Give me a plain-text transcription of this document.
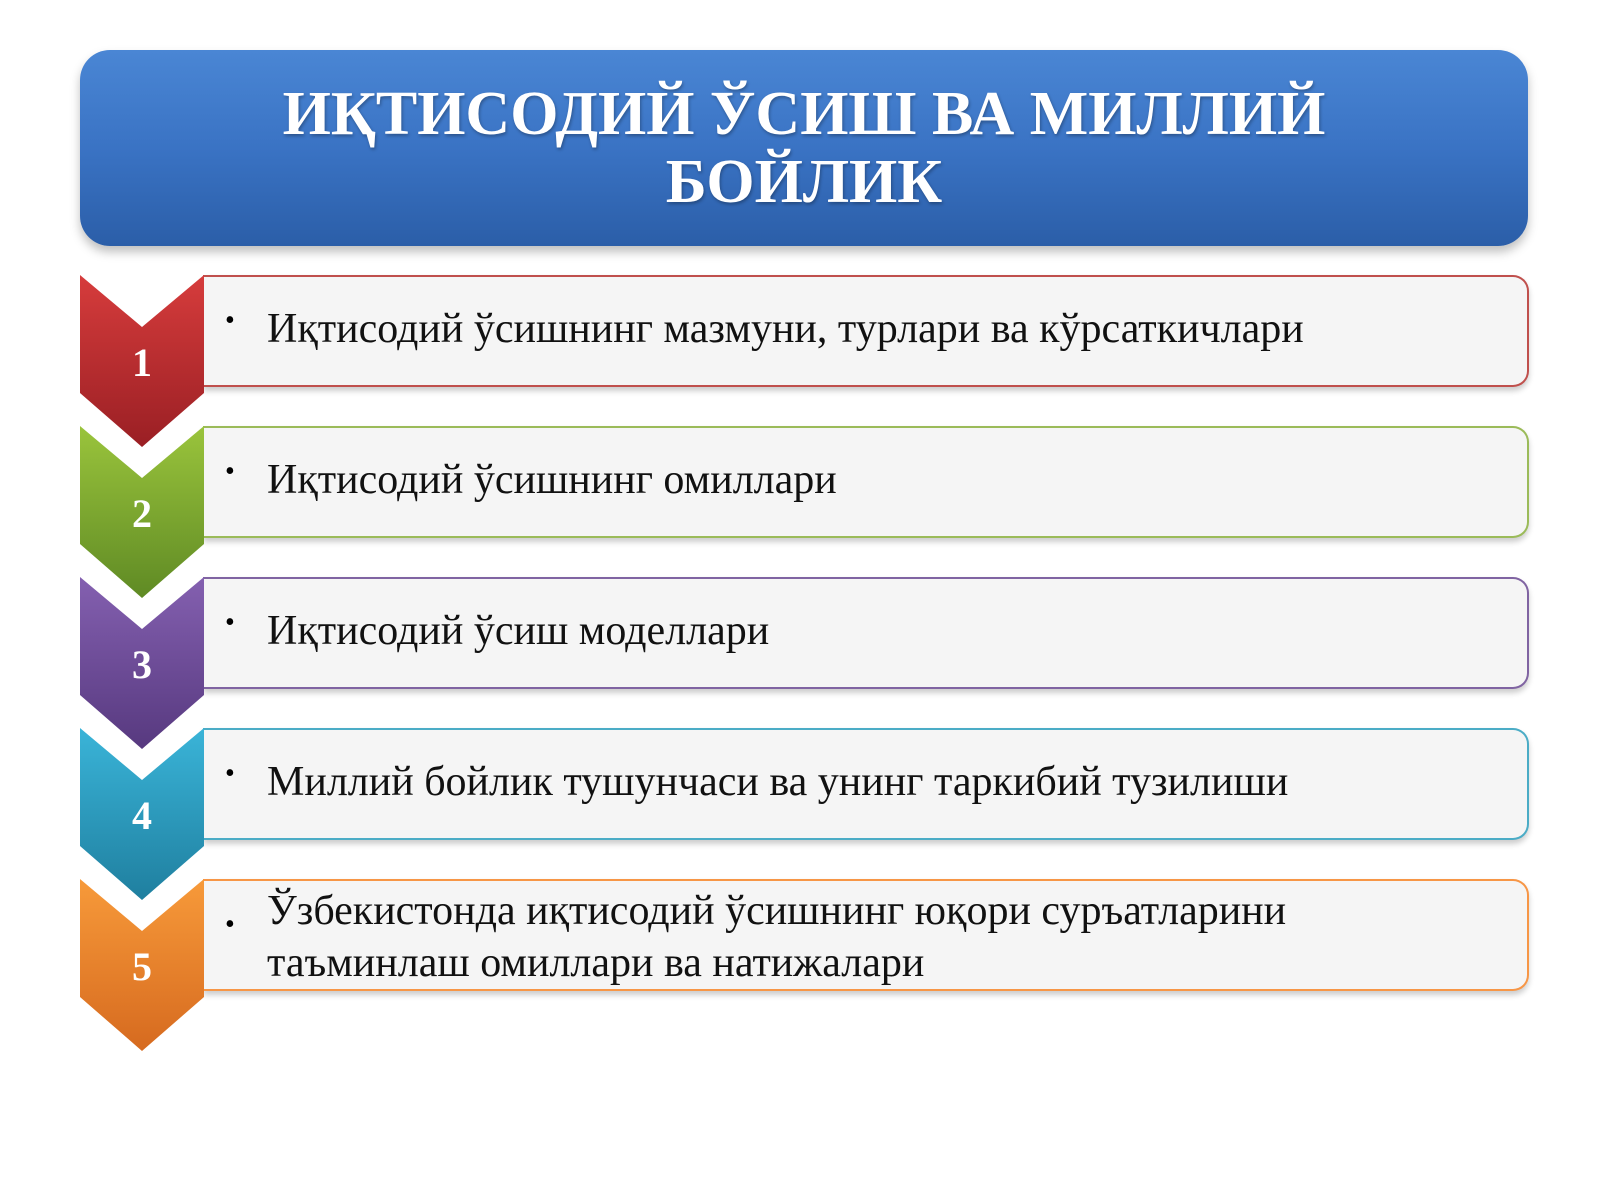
ИҚТИСОДИЙ ЎСИШ ВА МИЛЛИЙ БОЙЛИК
• Иқтисодий ўсишнинг мазмуни, турлари ва кўрсаткичлари
1
• Иқтисодий ўсишнинг омиллари
2
• Иқтисодий ўсиш моделлари
3
• Миллий бойлик тушунчаси ва унинг таркибий тузилиши
4
• Ўзбекистонда иқтисодий ўсишнинг юқори суръатларини таъминлаш омиллари ва натижалари
5
